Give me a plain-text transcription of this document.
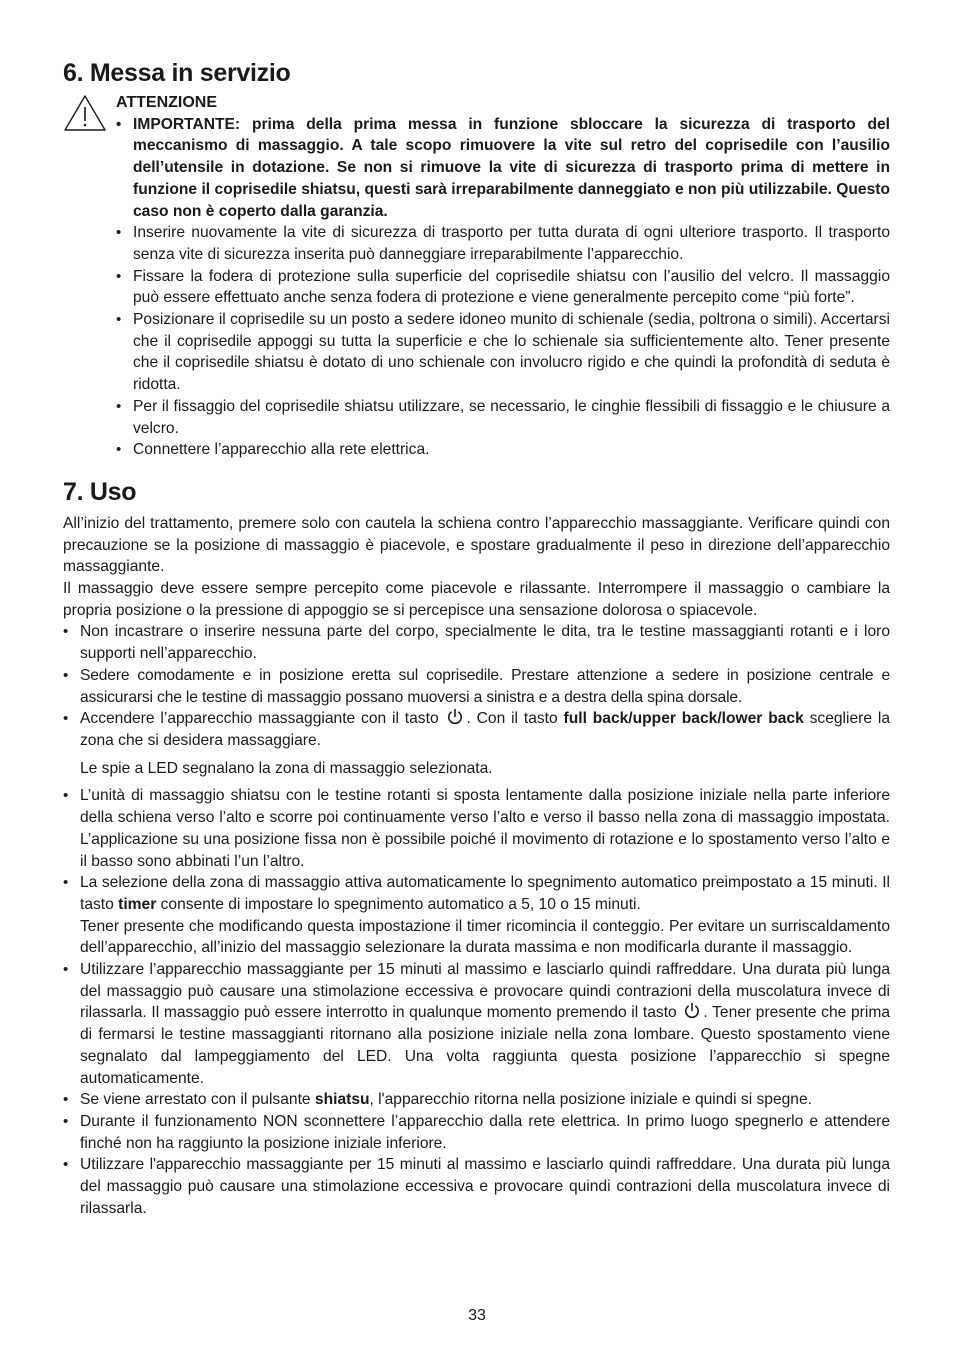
6. Messa in servizio
ATTENZIONE
• IMPORTANTE: prima della prima messa in funzione sbloccare la sicurezza di trasporto del meccanismo di massaggio. A tale scopo rimuovere la vite sul retro del coprisedile con l’ausilio dell’utensile in dotazione. Se non si rimuove la vite di sicurezza di trasporto prima di mettere in funzione il coprisedile shiatsu, questi sarà irreparabilmente danneggiato e non più utilizzabile. Questo caso non è coperto dalla garanzia.
• Inserire nuovamente la vite di sicurezza di trasporto per tutta durata di ogni ulteriore trasporto. Il trasporto senza vite di sicurezza inserita può danneggiare irreparabilmente l’apparecchio.
• Fissare la fodera di protezione sulla superficie del coprisedile shiatsu con l’ausilio del velcro. Il massaggio può essere effettuato anche senza fodera di protezione e viene generalmente percepito come “più forte”.
• Posizionare il coprisedile su un posto a sedere idoneo munito di schienale (sedia, poltrona o simili). Accertarsi che il coprisedile appoggi su tutta la superficie e che lo schienale sia sufficientemente alto. Tener presente che il coprisedile shiatsu è dotato di uno schienale con involucro rigido e che quindi la profondità di seduta è ridotta.
• Per il fissaggio del coprisedile shiatsu utilizzare, se necessario, le cinghie flessibili di fissaggio e le chiusure a velcro.
• Connettere l’apparecchio alla rete elettrica.
7. Uso

All’inizio del trattamento, premere solo con cautela la schiena contro l’apparecchio massaggiante. Verificare quindi con precauzione se la posizione di massaggio è piacevole, e spostare gradualmente il peso in direzione dell’apparecchio massaggiante.

Il massaggio deve essere sempre percepito come piacevole e rilassante. Interrompere il massaggio o cambiare la propria posizione o la pressione di appoggio se si percepisce una sensazione dolorosa o spiacevole.

• Non incastrare o inserire nessuna parte del corpo, specialmente le dita, tra le testine massaggianti rotanti e i loro supporti nell’apparecchio.
• Sedere comodamente e in posizione eretta sul coprisedile. Prestare attenzione a sedere in posizione centrale e assicurarsi che le testine di massaggio possano muoversi a sinistra e a destra della spina dorsale.
• Accendere l’apparecchio massaggiante con il tasto . Con il tasto full back/upper back/lower back scegliere la zona che si desidera massaggiare.

Le spie a LED segnalano la zona di massaggio selezionata.

• L’unità di massaggio shiatsu con le testine rotanti si sposta lentamente dalla posizione iniziale nella parte inferiore della schiena verso l’alto e scorre poi continuamente verso l’alto e verso il basso nella zona di massaggio impostata. L’applicazione su una posizione fissa non è possibile poiché il movimento di rotazione e lo spostamento verso l’alto e il basso sono abbinati l’un l’altro.
• La selezione della zona di massaggio attiva automaticamente lo spegnimento automatico preimpostato a 15 minuti. Il tasto timer consente di impostare lo spegnimento automatico a 5, 10 o 15 minuti.
Tener presente che modificando questa impostazione il timer ricomincia il conteggio. Per evitare un surriscaldamento dell’apparecchio, all’inizio del massaggio selezionare la durata massima e non modificarla durante il massaggio.
• Utilizzare l’apparecchio massaggiante per 15 minuti al massimo e lasciarlo quindi raffreddare. Una durata più lunga del massaggio può causare una stimolazione eccessiva e provocare quindi contrazioni della muscolatura invece di rilassarla. Il massaggio può essere interrotto in qualunque momento premendo il tasto . Tener presente che prima di fermarsi le testine massaggianti ritornano alla posizione iniziale nella zona lombare. Questo spostamento viene segnalato dal lampeggiamento del LED. Una volta raggiunta questa posizione l’apparecchio si spegne automaticamente.
• Se viene arrestato con il pulsante shiatsu, l'apparecchio ritorna nella posizione iniziale e quindi si spegne.
• Durante il funzionamento NON sconnettere l’apparecchio dalla rete elettrica. In primo luogo spegnerlo e attendere finché non ha raggiunto la posizione iniziale inferiore.
• Utilizzare l'apparecchio massaggiante per 15 minuti al massimo e lasciarlo quindi raffreddare. Una durata più lunga del massaggio può causare una stimolazione eccessiva e provocare quindi contrazioni della muscolatura invece di rilassarla.
33
